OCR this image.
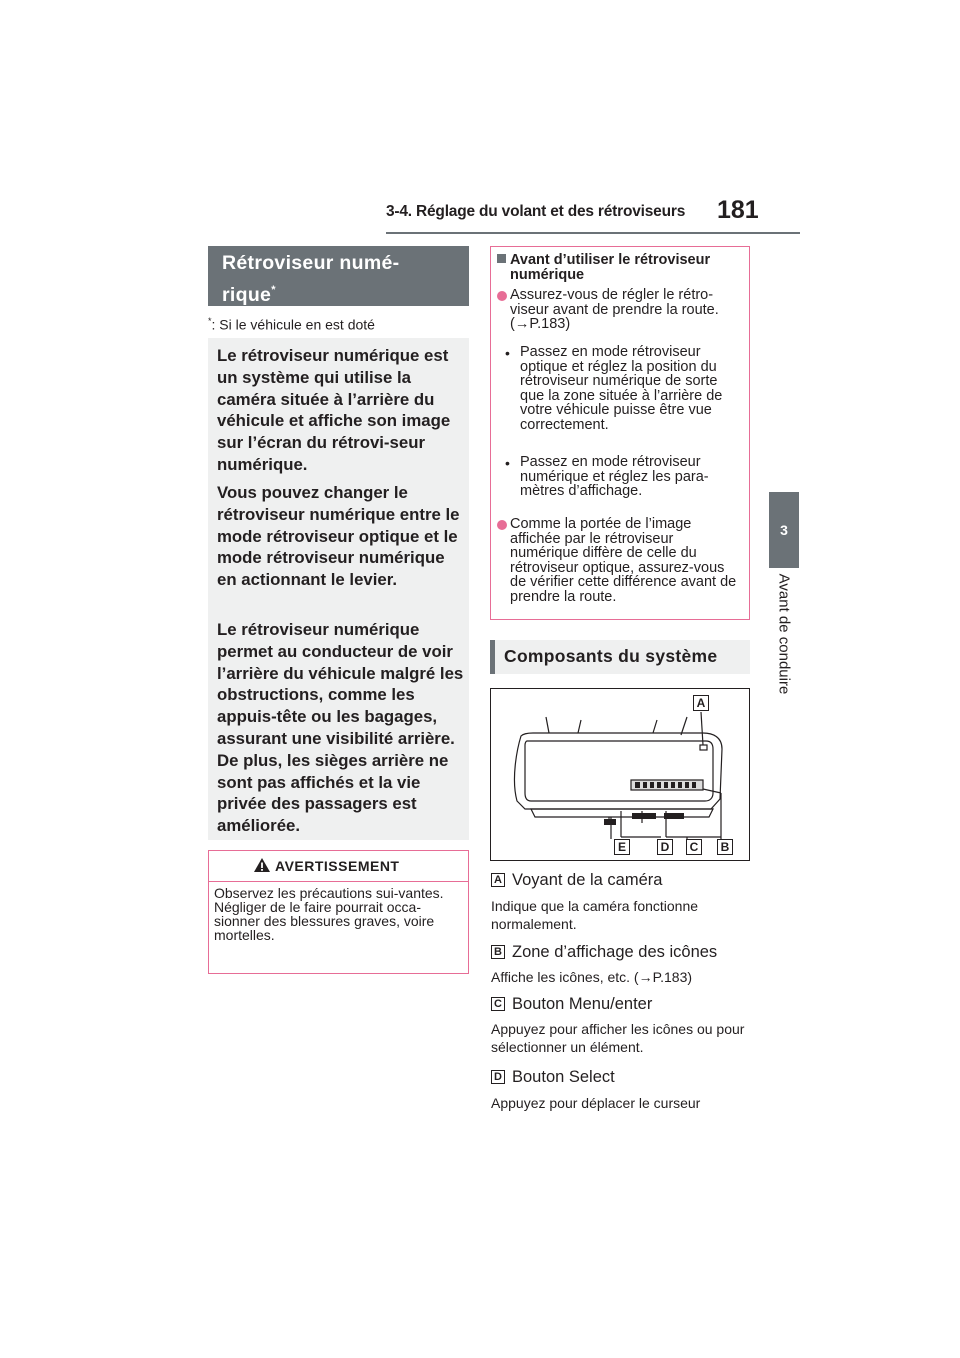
3-4. Réglage du volant et des rétroviseurs 181
3
Avant de conduire
Rétroviseur numé-
rique*
*: Si le véhicule en est doté
Le rétroviseur numérique est un système qui utilise la caméra située à l’arrière du véhicule et affiche son image sur l’écran du rétrovi-seur numérique.
Vous pouvez changer le rétroviseur numérique entre le mode rétroviseur optique et le mode rétroviseur numérique en actionnant le levier.
Le rétroviseur numérique permet au conducteur de voir l’arrière du véhicule malgré les obstructions, comme les appuis-tête ou les bagages, assurant une visibilité arrière. De plus, les sièges arrière ne sont pas affichés et la vie privée des passagers est améliorée.
AVERTISSEMENT
Observez les précautions sui-vantes. Négliger de le faire pourrait occa-sionner des blessures graves, voire mortelles.
Avant d’utiliser le rétroviseur
numérique
Assurez-vous de régler le rétro-viseur avant de prendre la route. (→P.183)
• Passez en mode rétroviseur optique et réglez la position du rétroviseur numérique de sorte que la zone située à l’arrière de votre véhicule puisse être vue correctement.
• Passez en mode rétroviseur numérique et réglez les para-mètres d’affichage.
Comme la portée de l’image affichée par le rétroviseur numérique diffère de celle du rétroviseur optique, assurez-vous de vérifier cette différence avant de prendre la route.
Composants du système
A
E	D	C	B
A Voyant de la caméra
Indique que la caméra fonctionne normalement.
B Zone d’affichage des icônes
Affiche les icônes, etc. (→P.183)
C Bouton Menu/enter
Appuyez pour afficher les icônes ou pour sélectionner un élément.
D Bouton Select
Appuyez pour déplacer le curseur
